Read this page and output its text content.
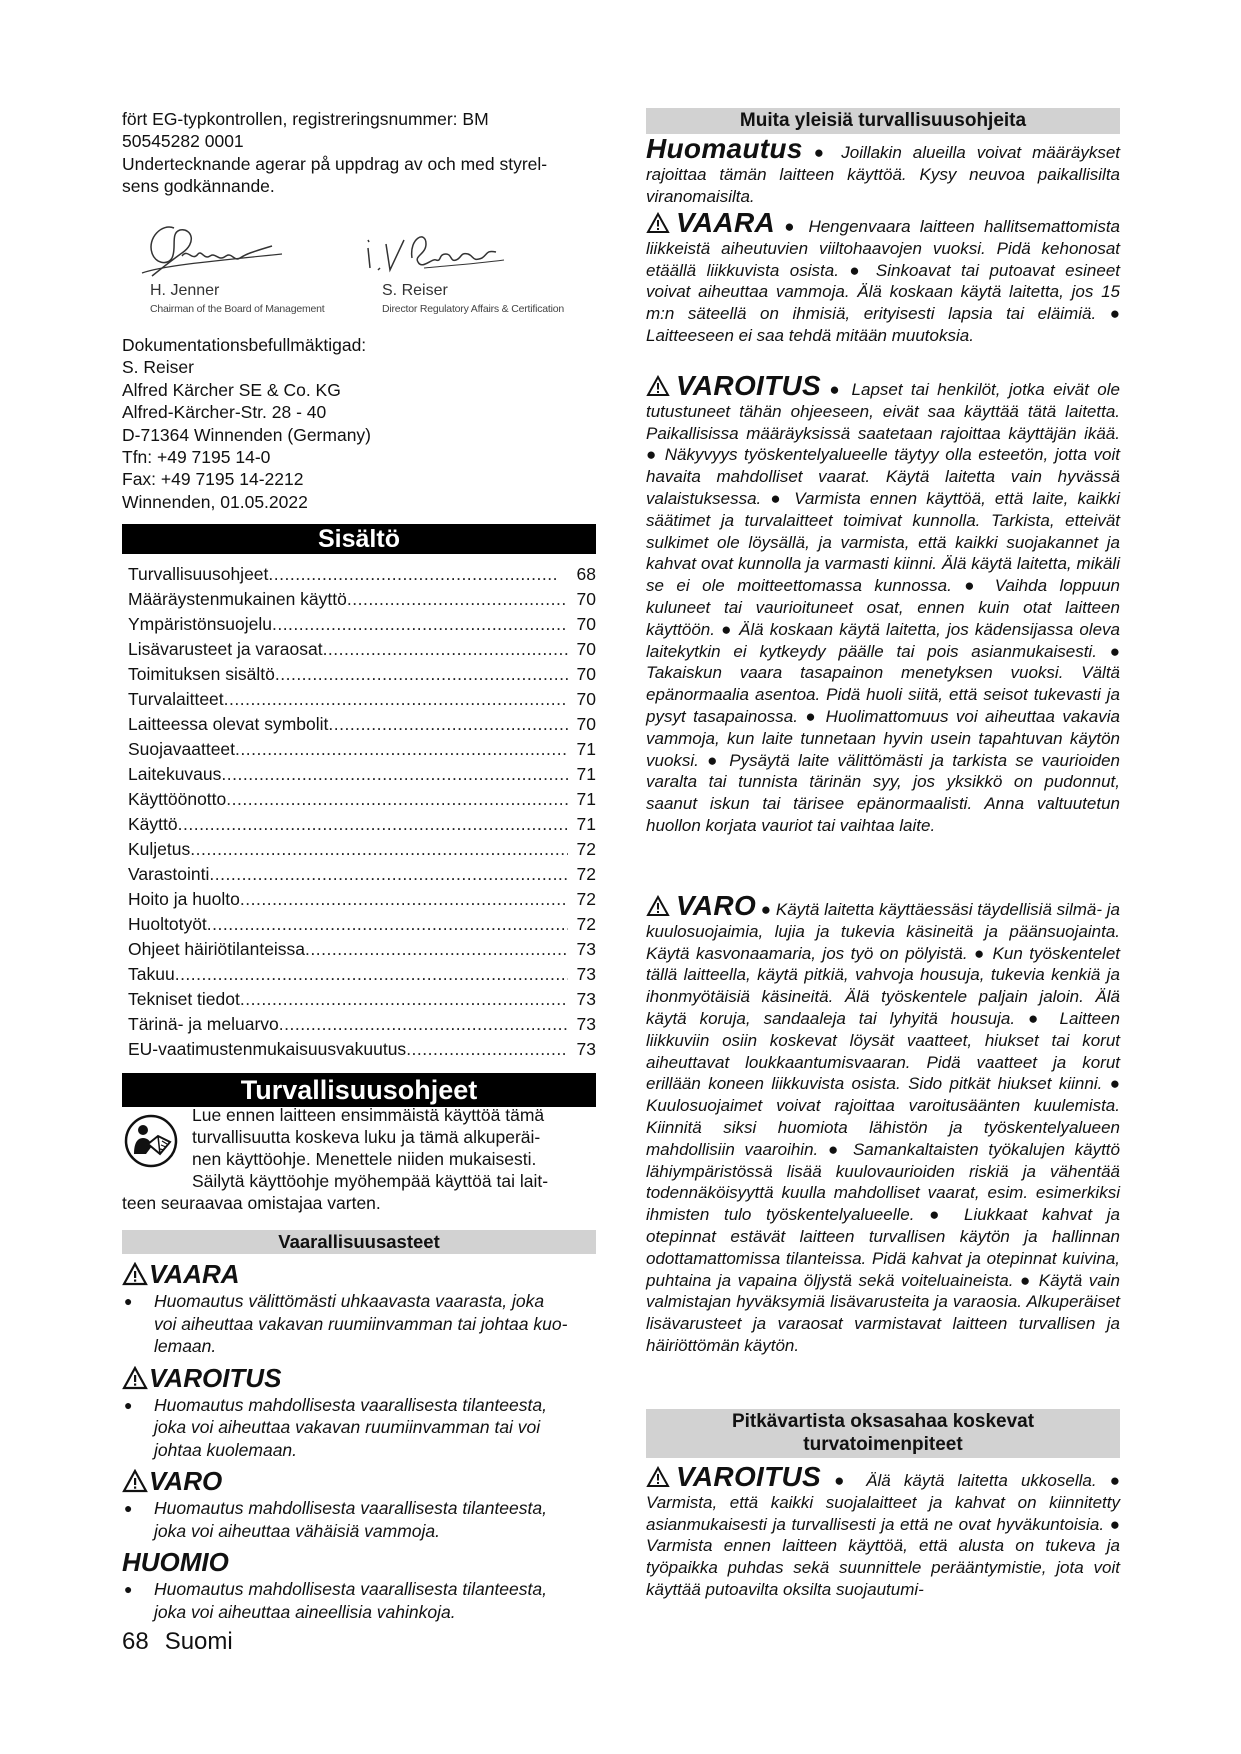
fört EG-typkontrollen, registreringsnummer: BM
50545282 0001
Undertecknande agerar på uppdrag av och med styrel-
sens godkännande.
H. Jenner
Chairman of the Board of Management
S. Reiser
Director Regulatory Affairs & Certification
Dokumentationsbefullmäktigad:
S. Reiser
Alfred Kärcher SE & Co. KG
Alfred-Kärcher-Str. 28 - 40
D-71364 Winnenden (Germany)
Tfn: +49 7195 14-0
Fax: +49 7195 14-2212
Winnenden, 01.05.2022
Sisältö
Turvallisuusohjeet .....	68
Määräystenmukainen käyttö .....	70
Ympäristönsuojelu .....	70
Lisävarusteet ja varaosat .....	70
Toimituksen sisältö .....	70
Turvalaitteet .....	70
Laitteessa olevat symbolit .....	70
Suojavaatteet .....	71
Laitekuvaus .....	71
Käyttöönotto .....	71
Käyttö .....	71
Kuljetus .....	72
Varastointi .....	72
Hoito ja huolto .....	72
Huoltotyöt .....	72
Ohjeet häiriötilanteissa .....	73
Takuu .....	73
Tekniset tiedot .....	73
Tärinä- ja meluarvo .....	73
EU-vaatimustenmukaisuusvakuutus .....	73
Turvallisuusohjeet
Lue ennen laitteen ensimmäistä käyttöä tämä
turvallisuutta koskeva luku ja tämä alkuperäi-
nen käyttöohje. Menettele niiden mukaisesti.
Säilytä käyttöohje myöhempää käyttöä tai lait-
teen seuraavaa omistajaa varten.
Vaarallisuusasteet
VAARA
●	Huomautus välittömästi uhkaavasta vaarasta, joka
voi aiheuttaa vakavan ruumiinvamman tai johtaa kuo-
lemaan.
VAROITUS
●	Huomautus mahdollisesta vaarallisesta tilanteesta,
joka voi aiheuttaa vakavan ruumiinvamman tai voi
johtaa kuolemaan.
VARO
●	Huomautus mahdollisesta vaarallisesta tilanteesta,
joka voi aiheuttaa vähäisiä vammoja.
HUOMIO
●	Huomautus mahdollisesta vaarallisesta tilanteesta,
joka voi aiheuttaa aineellisia vahinkoja.
68 Suomi
Muita yleisiä turvallisuusohjeita
Huomautus ● Joillakin alueilla voivat määräykset rajoittaa tämän laitteen käyttöä. Kysy neuvoa paikallisilta viranomaisilta.
VAARA ● Hengenvaara laitteen hallitsemattomista liikkeistä aiheutuvien viiltohaavojen vuoksi. Pidä kehonosat etäällä liikkuvista osista. ● Sinkoavat tai putoavat esineet voivat aiheuttaa vammoja. Älä koskaan käytä laitetta, jos 15 m:n säteellä on ihmisiä, erityisesti lapsia tai eläimiä. ● Laitteeseen ei saa tehdä mitään muutoksia.
VAROITUS ● Lapset tai henkilöt, jotka eivät ole tutustuneet tähän ohjeeseen, eivät saa käyttää tätä laitetta. Paikallisissa määräyksissä saatetaan rajoittaa käyttäjän ikää. ● Näkyvyys työskentelyalueelle täytyy olla esteetön, jotta voit havaita mahdolliset vaarat. Käytä laitetta vain hyvässä valaistuksessa. ● Varmista ennen käyttöä, että laite, kaikki säätimet ja turvalaitteet toimivat kunnolla. Tarkista, etteivät sulkimet ole löysällä, ja varmista, että kaikki suojakannet ja kahvat ovat kunnolla ja varmasti kiinni. Älä käytä laitetta, mikäli se ei ole moitteettomassa kunnossa. ● Vaihda loppuun kuluneet tai vaurioituneet osat, ennen kuin otat laitteen käyttöön. ● Älä koskaan käytä laitetta, jos kädensijassa oleva laitekytkin ei kytkeydy päälle tai pois asianmukaisesti. ● Takaiskun vaara tasapainon menetyksen vuoksi. Vältä epänormaalia asentoa. Pidä huoli siitä, että seisot tukevasti ja pysyt tasapainossa. ● Huolimattomuus voi aiheuttaa vakavia vammoja, kun laite tunnetaan hyvin usein tapahtuvan käytön vuoksi. ● Pysäytä laite välittömästi ja tarkista se vaurioiden varalta tai tunnista tärinän syy, jos yksikkö on pudonnut, saanut iskun tai tärisee epänormaalisti. Anna valtuutetun huollon korjata vauriot tai vaihtaa laite.
VARO ● Käytä laitetta käyttäessäsi täydellisiä silmä- ja kuulosuojaimia, lujia ja tukevia käsineitä ja päänsuojainta. Käytä kasvonaamaria, jos työ on pölyistä. ● Kun työskentelet tällä laitteella, käytä pitkiä, vahvoja housuja, tukevia kenkiä ja ihonmyötäisiä käsineitä. Älä työskentele paljain jaloin. Älä käytä koruja, sandaaleja tai lyhyitä housuja. ● Laitteen liikkuviin osiin koskevat löysät vaatteet, hiukset tai korut aiheuttavat loukkaantumisvaaran. Pidä vaatteet ja korut erillään koneen liikkuvista osista. Sido pitkät hiukset kiinni. ● Kuulosuojaimet voivat rajoittaa varoitusäänten kuulemista. Kiinnitä siksi huomiota lähistön ja työskentelyalueen mahdollisiin vaaroihin. ● Samankaltaisten työkalujen käyttö lähiympäristössä lisää kuulovaurioiden riskiä ja vähentää todennäköisyyttä kuulla mahdolliset vaarat, esim. esimerkiksi ihmisten tulo työskentelyalueelle. ● Liukkaat kahvat ja otepinnat estävät laitteen turvallisen käytön ja hallinnan odottamattomissa tilanteissa. Pidä kahvat ja otepinnat kuivina, puhtaina ja vapaina öljystä sekä voiteluaineista. ● Käytä vain valmistajan hyväksymiä lisävarusteita ja varaosia. Alkuperäiset lisävarusteet ja varaosat varmistavat laitteen turvallisen ja häiriöttömän käytön.
Pitkävartista oksasahaa koskevat
turvatoimenpiteet
VAROITUS ● Älä käytä laitetta ukkosella. ● Varmista, että kaikki suojalaitteet ja kahvat on kiinnitetty asianmukaisesti ja turvallisesti ja että ne ovat hyväkuntoisia. ● Varmista ennen laitteen käyttöä, että alusta on tukeva ja työpaikka puhdas sekä suunnittele perääntymistie, jota voit käyttää putoavilta oksilta suojautumi-
